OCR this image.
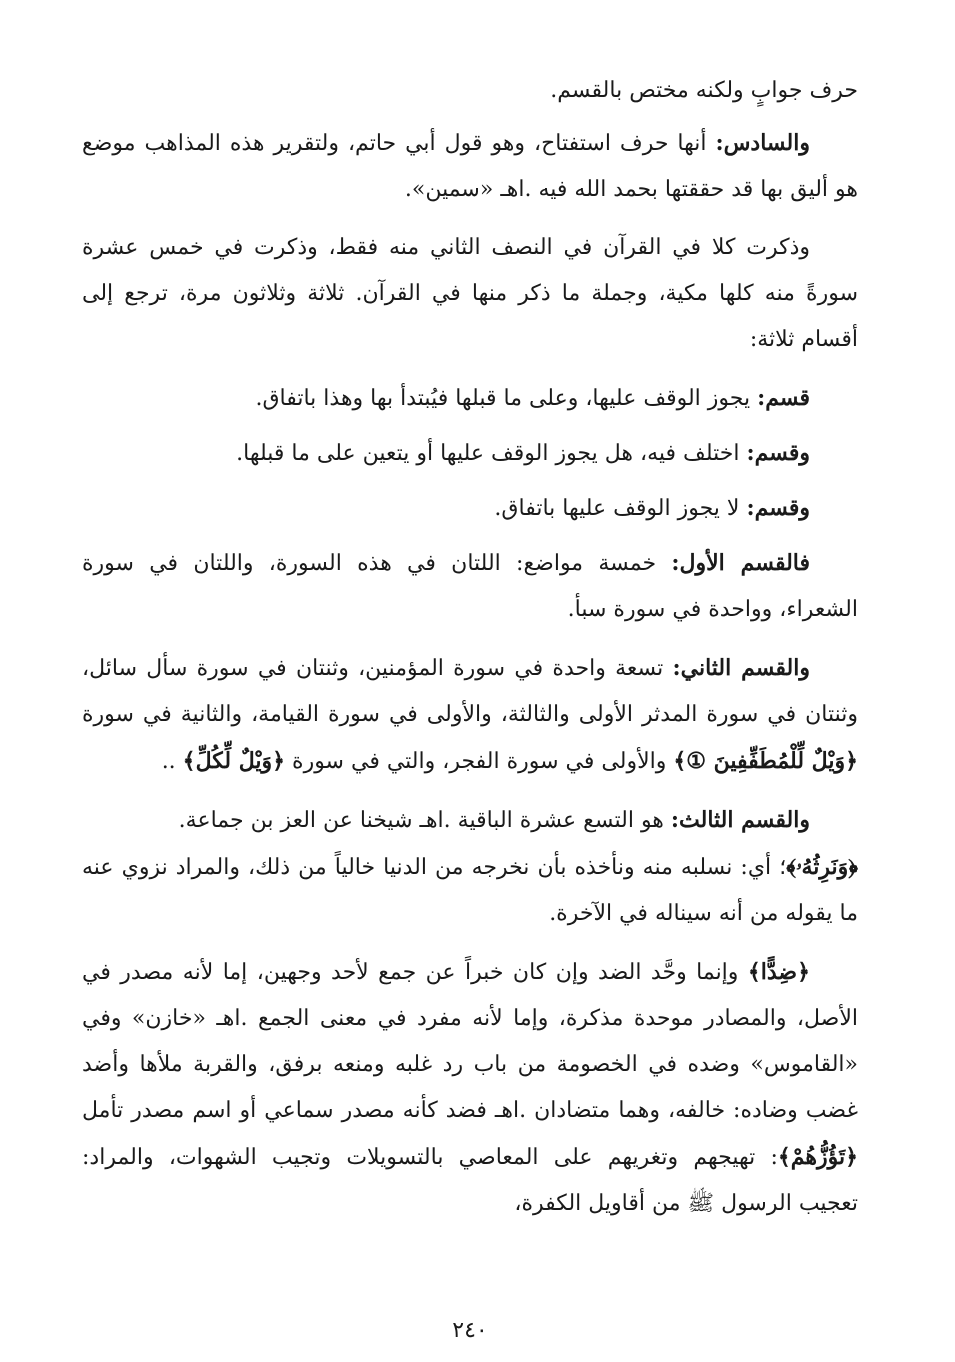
حرف جوابٍ ولكنه مختص بالقسم.

والسادس: أنها حرف استفتاح، وهو قول أبي حاتم، ولتقرير هذه المذاهب موضع هو أليق بها قد حققتها بحمد الله فيه .اهـ «سمين».

وذكرت كلا في القرآن في النصف الثاني منه فقط، وذكرت في خمس عشرة سورةً منه كلها مكية، وجملة ما ذكر منها في القرآن. ثلاثة وثلاثون مرة، ترجع إلى أقسام ثلاثة:

قسم: يجوز الوقف عليها، وعلى ما قبلها فيُبتدأ بها وهذا باتفاق.

وقسم: اختلف فيه، هل يجوز الوقف عليها أو يتعين على ما قبلها.

وقسم: لا يجوز الوقف عليها باتفاق.

فالقسم الأول: خمسة مواضع: اللتان في هذه السورة، واللتان في سورة الشعراء، وواحدة في سورة سبأ.

والقسم الثاني: تسعة واحدة في سورة المؤمنين، وثنتان في سورة سأل سائل، وثنتان في سورة المدثر الأولى والثالثة، والأولى في سورة القيامة، والثانية في سورة ﴿وَيْلٌ لِّلْمُطَفِّفِينَ ①﴾ والأولى في سورة الفجر، والتي في سورة ﴿وَيْلٌ لِّكُلِّ﴾ ..

والقسم الثالث: هو التسع عشرة الباقية .اهـ شيخنا عن العز بن جماعة.

﴿وَنَرِثُهُۥ﴾؛ أي: نسلبه منه ونأخذه بأن نخرجه من الدنيا خالياً من ذلك، والمراد نزوي عنه ما يقوله من أنه سيناله في الآخرة.

﴿ضِدًّا﴾ وإنما وحَّد الضد وإن كان خبراً عن جمع لأحد وجهين، إما لأنه مصدر في الأصل، والمصادر موحدة مذكرة، وإما لأنه مفرد في معنى الجمع .اهـ «خازن» وفي «القاموس» وضده في الخصومة من باب رد غلبه ومنعه برفق، والقربة ملأها وأضد غضب وضاده: خالفه، وهما متضادان .اهـ فضد كأنه مصدر سماعي أو اسم مصدر تأمل ﴿تَؤُزُّهُمْ﴾: تهيجهم وتغريهم على المعاصي بالتسويلات وتجيب الشهوات، والمراد: تعجيب الرسول ﷺ من أقاويل الكفرة،

٢٤٠
